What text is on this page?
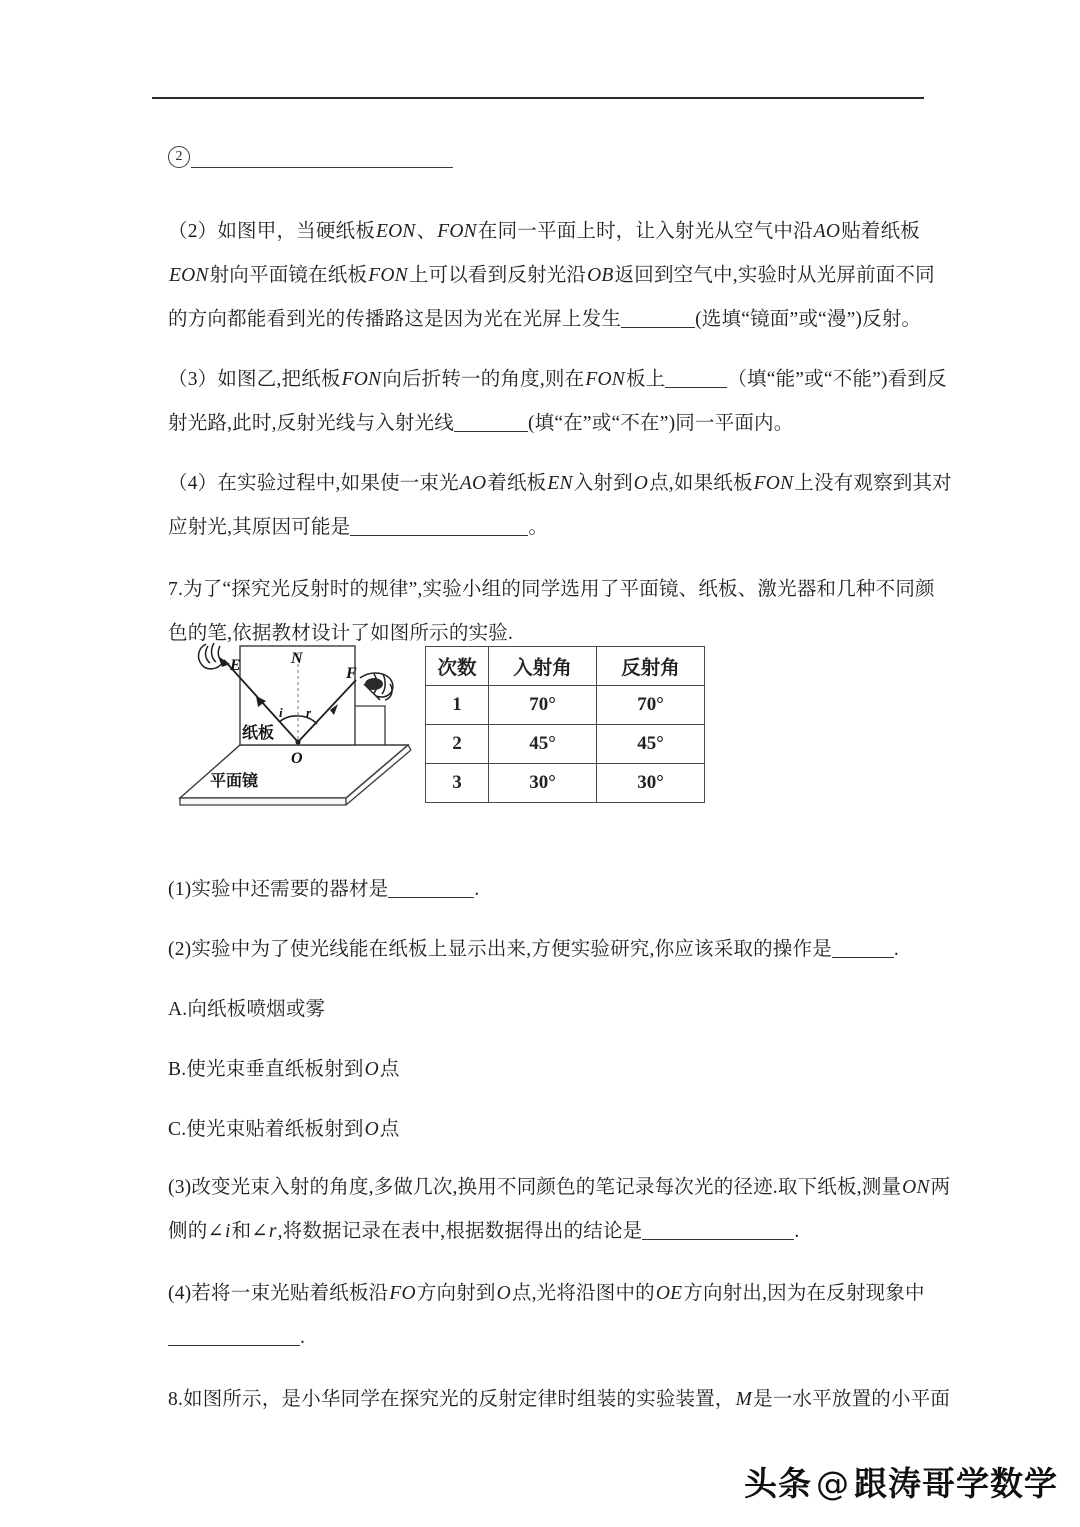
2

（2）如图甲，当硬纸板EON、FON在同一平面上时，让入射光从空气中沿AO贴着纸板EON射向平面镜在纸板FON上可以看到反射光沿OB返回到空气中,实验时从光屏前面不同的方向都能看到光的传播路这是因为光在光屏上发生	(选填“镜面”或“漫”)反射。

（3）如图乙,把纸板FON向后折转一的角度,则在FON板上	（填“能”或“不能”)看到反射光路,此时,反射光线与入射光线	(填“在”或“不在”)同一平面内。

（4）在实验过程中,如果使一束光AO着纸板EN入射到O点,如果纸板FON上没有观察到其对应射光,其原因可能是	。

7.为了“探究光反射时的规律”,实验小组的同学选用了平面镜、纸板、激光器和几种不同颜色的笔,依据教材设计了如图所示的实验.

E	N
F
O
i r
纸板
平面镜
次数	入射角	反射角
1	70°	70°
2	45°	45°
3	30°	30°

(1)实验中还需要的器材是	.

(2)实验中为了使光线能在纸板上显示出来,方便实验研究,你应该采取的操作是	.

A.向纸板喷烟或雾

B.使光束垂直纸板射到O点

C.使光束贴着纸板射到O点

(3)改变光束入射的角度,多做几次,换用不同颜色的笔记录每次光的径迹.取下纸板,测量ON两侧的∠i和∠r,将数据记录在表中,根据数据得出的结论是	.

(4)若将一束光贴着纸板沿FO方向射到O点,光将沿图中的OE方向射出,因为在反射现象中.

8.如图所示，是小华同学在探究光的反射定律时组装的实验装置，M是一水平放置的小平面

头条 @ 跟涛哥学数学
